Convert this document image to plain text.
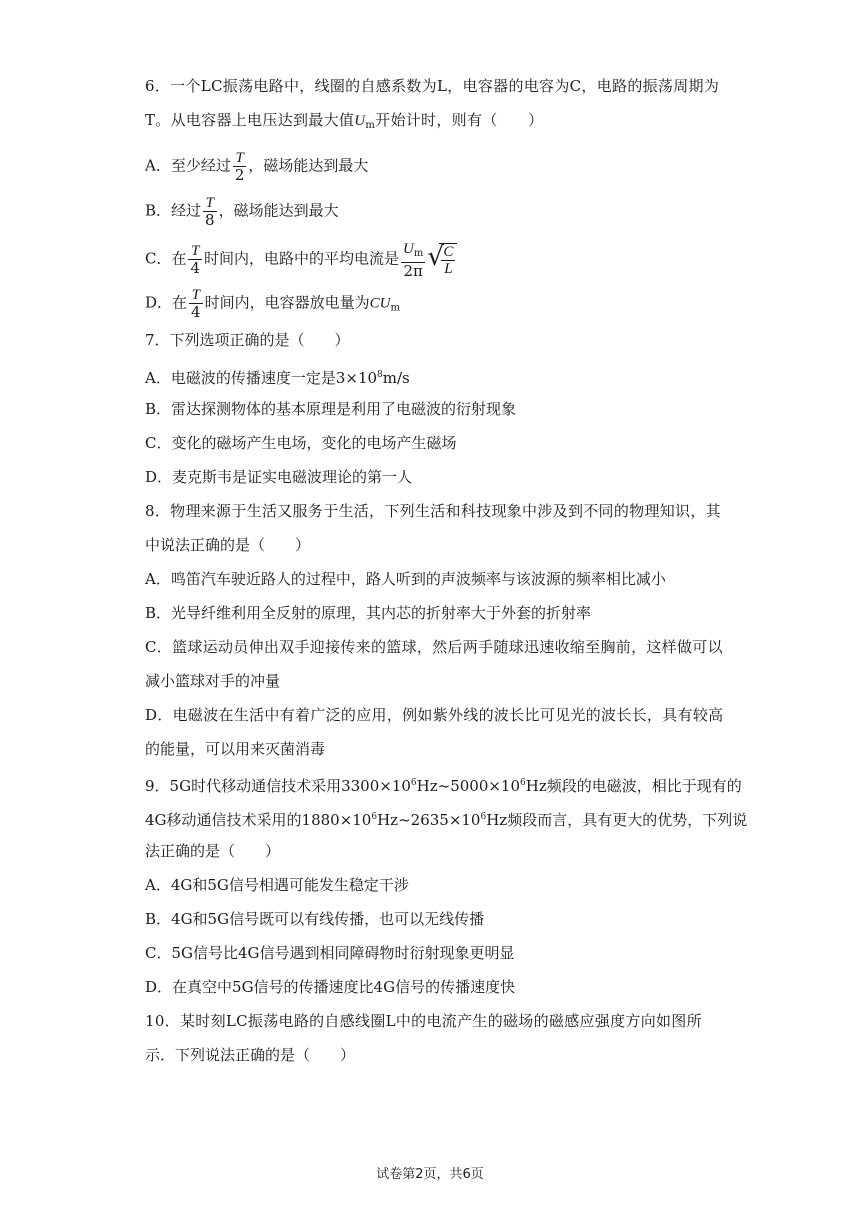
6．一个LC振荡电路中，线圈的自感系数为L，电容器的电容为C，电路的振荡周期为
T。从电容器上电压达到最大值$U_m$开始计时，则有（　　）
A．至少经过 $\frac{T}{2}$ ，磁场能达到最大
B．经过 $\frac{T}{8}$ ，磁场能达到最大
C．在 $\frac{T}{4}$ 时间内，电路中的平均电流是 $\frac{U_m}{2\pi}$ √
$\frac{C}{L}$
D．在 $\frac{T}{4}$ 时间内，电容器放电量为$CU_m$
7．下列选项正确的是（　　）
A．电磁波的传播速度一定是$3\times 10^8m/s$
B．雷达探测物体的基本原理是利用了电磁波的衍射现象
C．变化的磁场产生电场，变化的电场产生磁场
D．麦克斯韦是证实电磁波理论的第一人
8．物理来源于生活又服务于生活，下列生活和科技现象中涉及到不同的物理知识，其
中说法正确的是（　　）
A．鸣笛汽车驶近路人的过程中，路人听到的声波频率与该波源的频率相比减小
B．光导纤维利用全反射的原理，其内芯的折射率大于外套的折射率
C．篮球运动员伸出双手迎接传来的篮球，然后两手随球迅速收缩至胸前，这样做可以
减小篮球对手的冲量
D．电磁波在生活中有着广泛的应用，例如紫外线的波长比可见光的波长长，具有较高
的能量，可以用来灭菌消毒
9．5G时代移动通信技术采用$3300\times 10^6Hz\sim 5000\times 10^6Hz$频段的电磁波，相比于现有的
4G移动通信技术采用的$1880\times 10^6Hz\sim 2635\times 10^6Hz$频段而言，具有更大的优势，下列说
法正确的是（　　）
A．4G和5G信号相遇可能发生稳定干涉
B．4G和5G信号既可以有线传播，也可以无线传播
C．5G信号比4G信号遇到相同障碍物时衍射现象更明显
D．在真空中5G信号的传播速度比4G信号的传播速度快
10．某时刻LC振荡电路的自感线圈L中的电流产生的磁场的磁感应强度方向如图所
示．下列说法正确的是（　　）
试卷第2页，共6页
